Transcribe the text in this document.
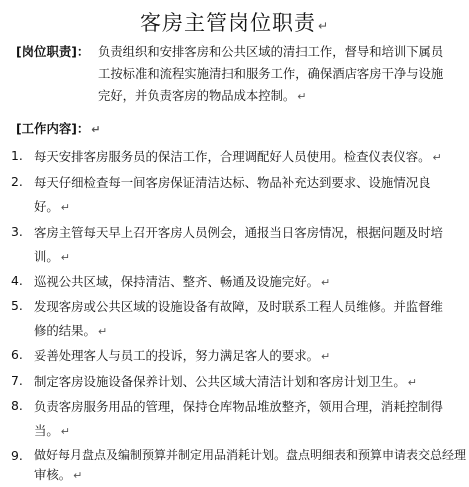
客房主管岗位职责 ↵
[岗位职责]： 负责组织和安排客房和公共区域的清扫工作，督导和培训下属员
工按标准和流程实施清扫和服务工作，确保酒店客房干净与设施
完好，并负责客房的物品成本控制。 ↵
[工作内容]： ↵
1. 每天安排客房服务员的保洁工作，合理调配好人员使用。检查仪表仪容。 ↵
2. 每天仔细检查每一间客房保证清洁达标、物品补充达到要求、设施情况良
好。 ↵
3. 客房主管每天早上召开客房人员例会，通报当日客房情况，根据问题及时培
训。 ↵
4. 巡视公共区域，保持清洁、整齐、畅通及设施完好。 ↵
5. 发现客房或公共区域的设施设备有故障，及时联系工程人员维修。并监督维
修的结果。 ↵
6. 妥善处理客人与员工的投诉，努力满足客人的要求。 ↵
7. 制定客房设施设备保养计划、公共区域大清洁计划和客房计划卫生。 ↵
8. 负责客房服务用品的管理，保持仓库物品堆放整齐，领用合理，消耗控制得
当。 ↵
9. 做好每月盘点及编制预算并制定用品消耗计划。盘点明细表和预算申请表交总经理
审核。 ↵
